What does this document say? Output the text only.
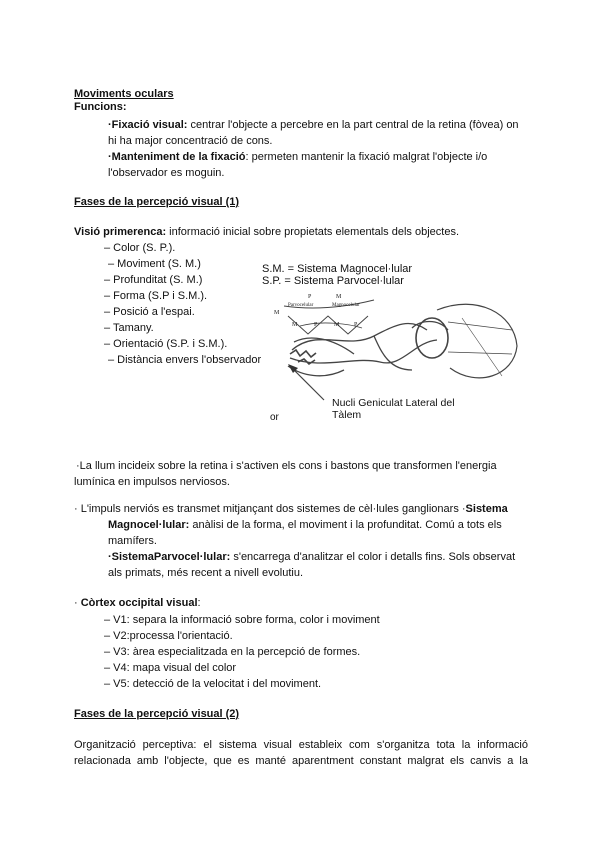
Moviments oculars
Funcions:
·Fixació visual: centrar l'objecte a percebre en la part central de la retina (fòvea) on
hi ha major concentració de cons.
·Manteniment de la fixació: permeten mantenir la fixació malgrat l'objecte i/o
l'observador es moguin.
Fases de la percepció visual (1)
Visió primerenca: informació inicial sobre propietats elementals dels objectes.
– Color (S. P.).
– Moviment (S. M.)
– Profunditat (S. M.)
– Forma (S.P i S.M.).
– Posició a l'espai.
– Tamany.
– Orientació (S.P. i S.M.).
– Distància envers l'observador
S.M. = Sistema Magnocel·lular
S.P. = Sistema Parvocel·lular
Parvocelular	Magnocelular
P	M
M
M	P	M P
Nucli Geniculat Lateral del
Tàlem
or
·La llum incideix sobre la retina i s'activen els cons i bastons que transformen l'energia
lumínica en impulsos nerviosos.
· L'impuls nerviós es transmet mitjançant dos sistemes de cèl·lules ganglionars ·Sistema
Magnocel·lular: anàlisi de la forma, el moviment i la profunditat. Comú a tots els
mamífers.
·SistemaParvocel·lular: s'encarrega d'analitzar el color i detalls fins. Sols observat
als primats, més recent a nivell evolutiu.
· Còrtex occipital visual:
– V1: separa la informació sobre forma, color i moviment
– V2:processa l'orientació.
– V3: àrea especialitzada en la percepció de formes.
– V4: mapa visual del color
– V5: detecció de la velocitat i del moviment.
Fases de la percepció visual (2)
Organització perceptiva: el sistema visual estableix com s'organitza tota la informació
relacionada amb l'objecte, que es manté aparentment constant malgrat els canvis a la
